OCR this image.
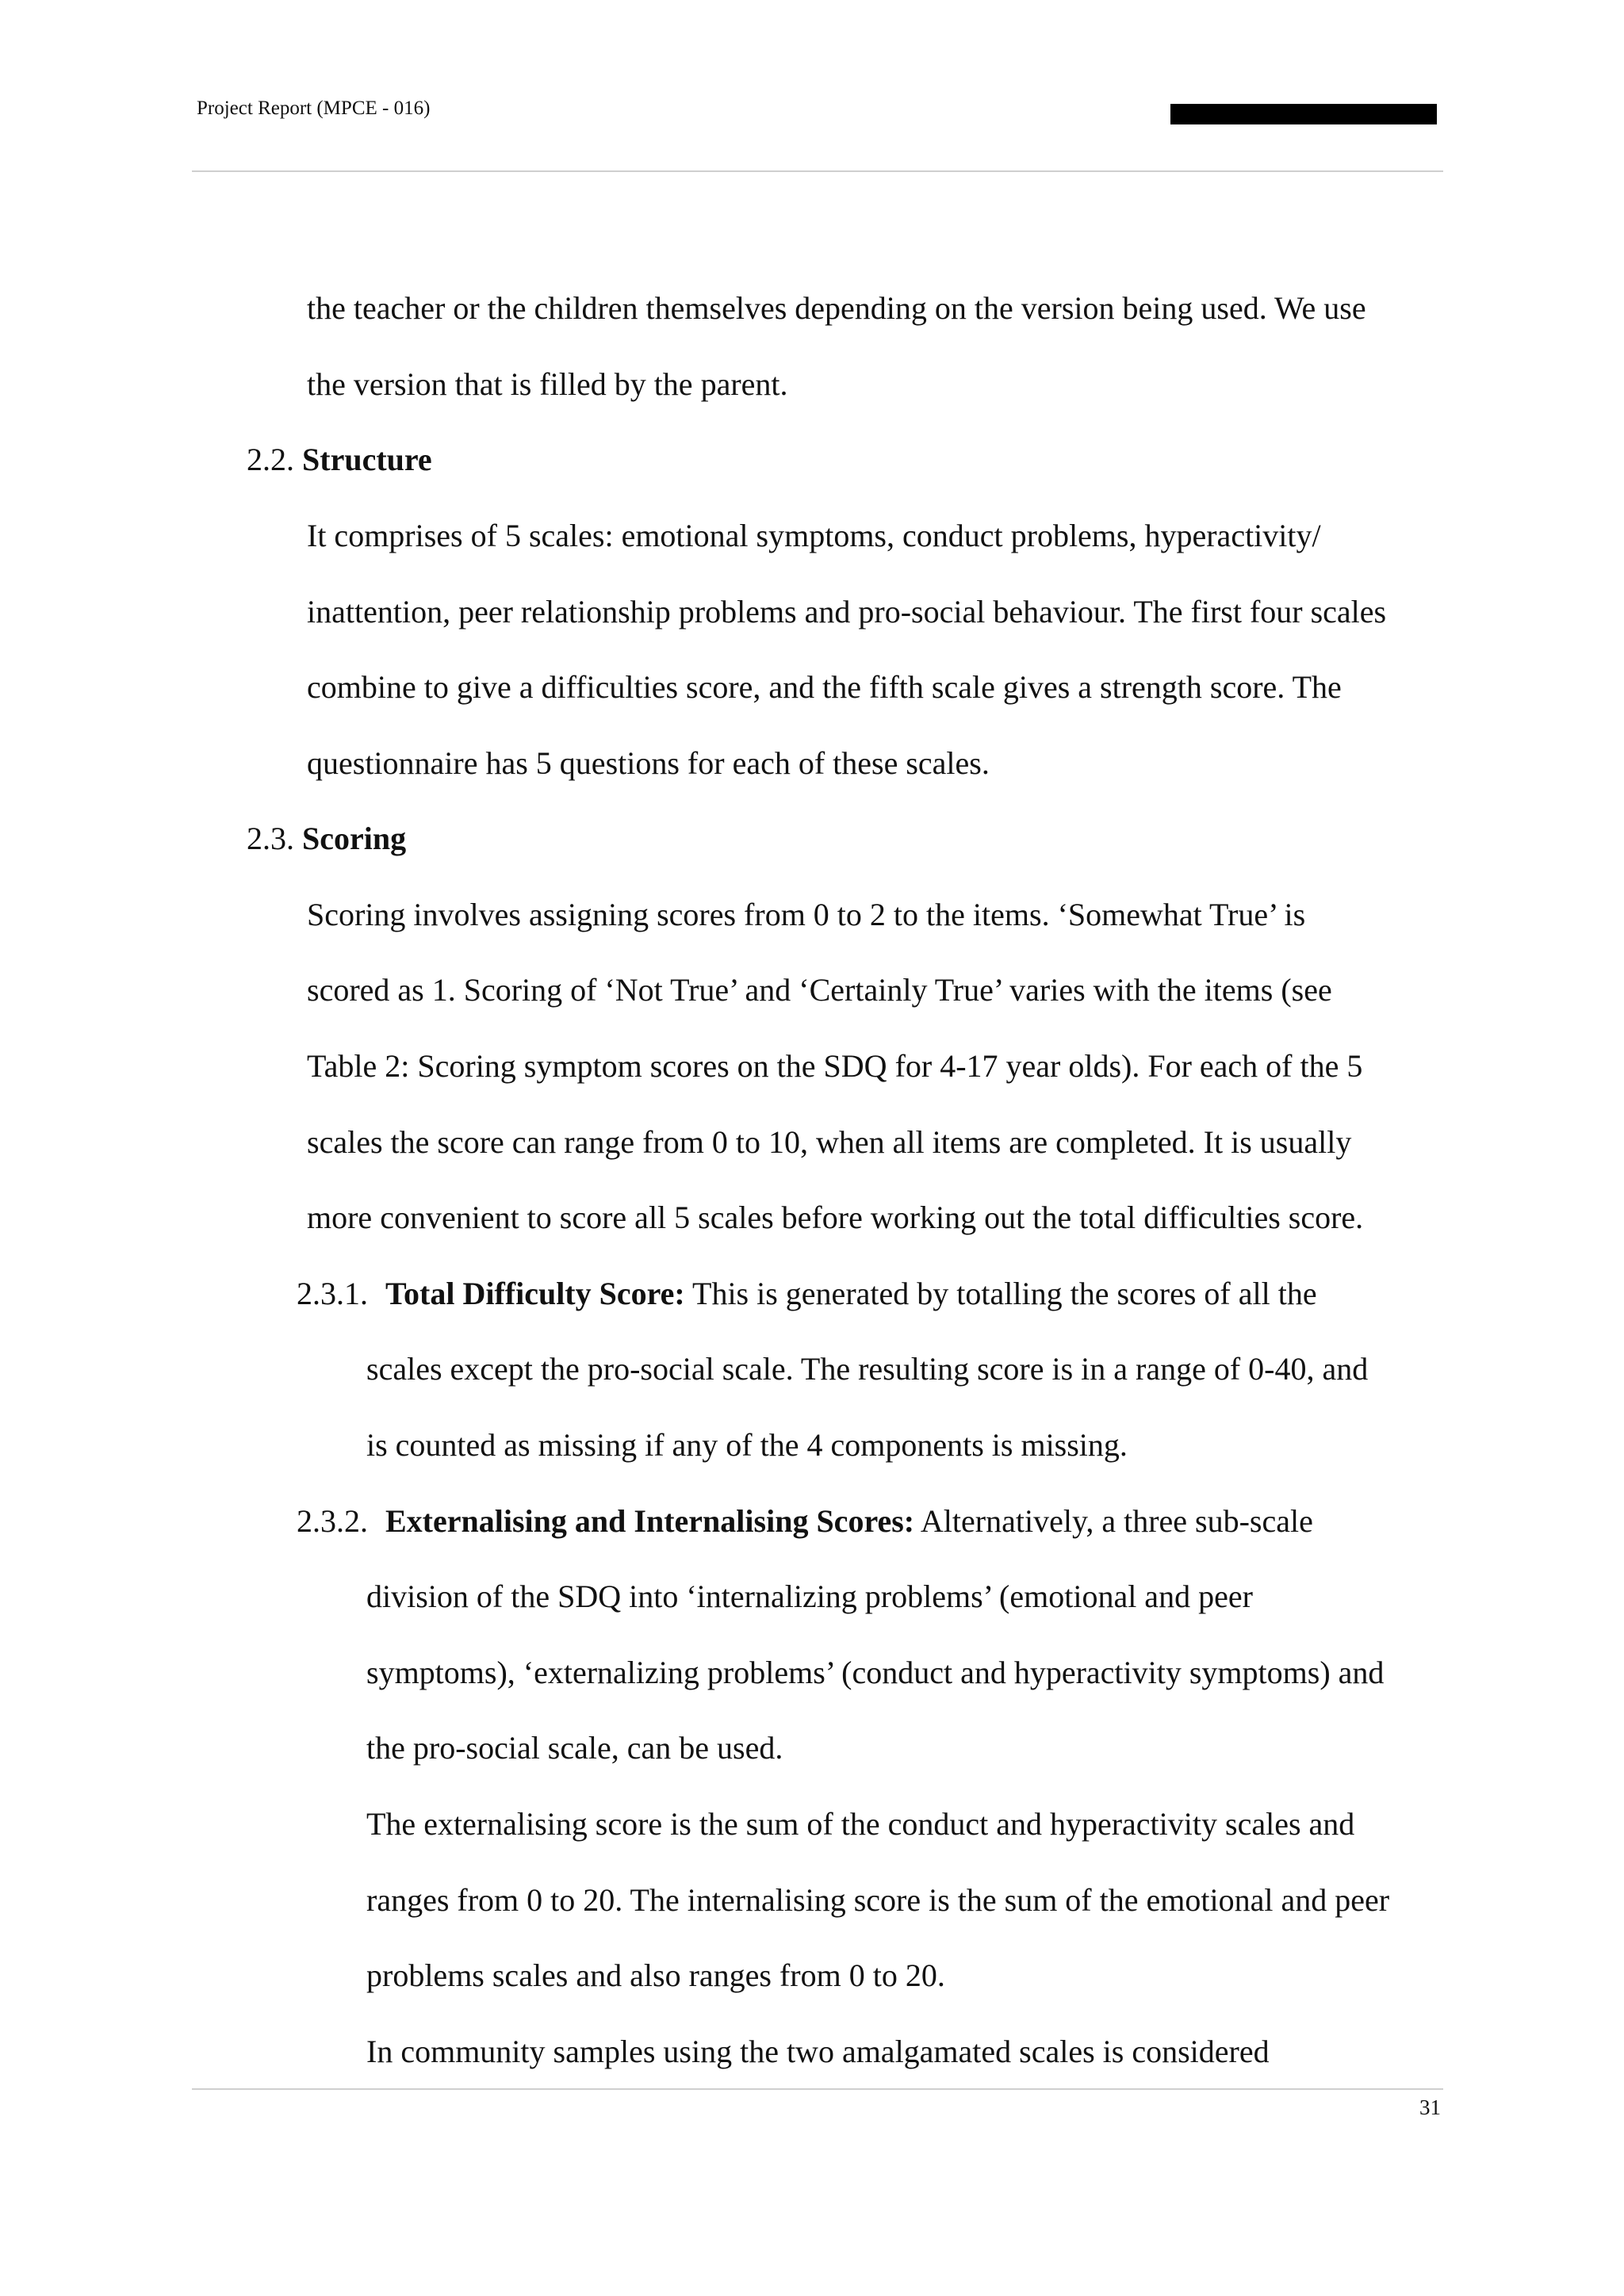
Project Report (MPCE - 016)
the teacher or the children themselves depending on the version being used. We use
the version that is filled by the parent.
2.2. Structure
It comprises of 5 scales: emotional symptoms, conduct problems, hyperactivity/
inattention, peer relationship problems and pro-social behaviour. The first four scales
combine to give a difficulties score, and the fifth scale gives a strength score. The
questionnaire has 5 questions for each of these scales.
2.3. Scoring
Scoring involves assigning scores from 0 to 2 to the items. ‘Somewhat True’ is
scored as 1. Scoring of ‘Not True’ and ‘Certainly True’ varies with the items (see
Table 2: Scoring symptom scores on the SDQ for 4-17 year olds). For each of the 5
scales the score can range from 0 to 10, when all items are completed. It is usually
more convenient to score all 5 scales before working out the total difficulties score.
2.3.1. Total Difficulty Score: This is generated by totalling the scores of all the
scales except the pro-social scale. The resulting score is in a range of 0-40, and
is counted as missing if any of the 4 components is missing.
2.3.2. Externalising and Internalising Scores: Alternatively, a three sub-scale
division of the SDQ into ‘internalizing problems’ (emotional and peer
symptoms), ‘externalizing problems’ (conduct and hyperactivity symptoms) and
the pro-social scale, can be used.
The externalising score is the sum of the conduct and hyperactivity scales and
ranges from 0 to 20. The internalising score is the sum of the emotional and peer
problems scales and also ranges from 0 to 20.
In community samples using the two amalgamated scales is considered
31
